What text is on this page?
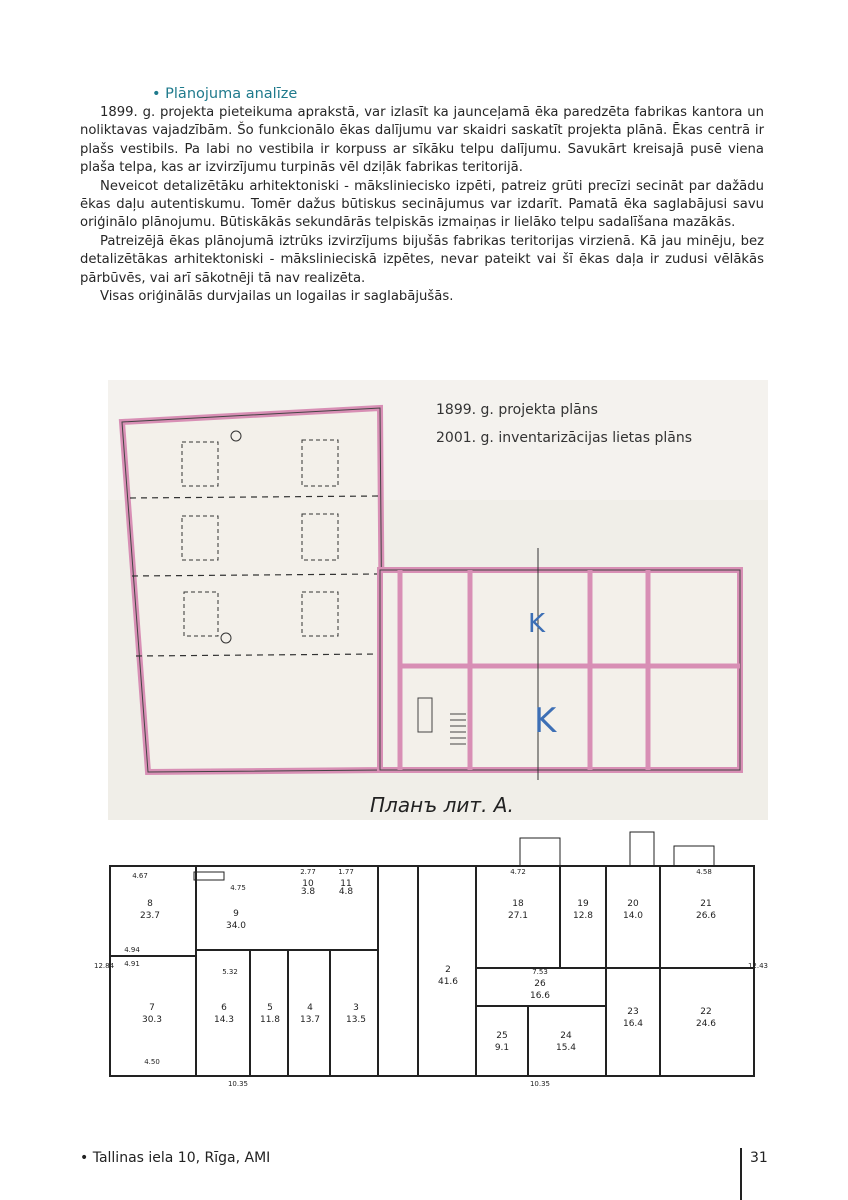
• Plānojuma analīze

1899. g. projekta pieteikuma aprakstā, var izlasīt ka jaunceļamā ēka paredzēta fabrikas kantora un noliktavas vajadzībām. Šo funkcionālo ēkas dalījumu var skaidri saskatīt projekta plānā. Ēkas centrā ir plašs vestibils. Pa labi no vestibila ir korpuss ar sīkāku telpu dalījumu. Savukārt kreisajā pusē viena plaša telpa, kas ar izvirzījumu turpinās vēl dziļāk fabrikas teritorijā.

Neveicot detalizētāku arhitektoniski - mākslinieciskо izpēti, patreiz grūti precīzi secināt par dažādu ēkas daļu autentiskumu. Tomēr dažus būtiskus secinājumus var izdarīt. Pamatā ēka saglabājusi savu oriģinālo plānojumu. Būtiskākās sekundārās telpiskās izmaiņas ir lielāko telpu sadalīšana mazākās.

Patreizējā ēkas plānojumā iztrūks izvirzījums bijušās fabrikas teritorijas virzienā. Kā jau minēju, bez detalizētākas arhitektoniski - mākslinieciskā izpētes, nevar pateikt vai šī ēkas daļa ir zudusi vēlākās pārbūvēs, vai arī sākotnēji tā nav realizēta.

Visas oriģinālās durvjailas un logailas ir saglabājušās.

K
K
Планъ лит. А.
1899. g. projekta plāns
2001. g. inventarizācijas lietas plāns
8
23.7	9
34.0
10
3.8
11
4.8
7
30.3
6
14.3
5
11.8
4
13.7
3
13.5
2
41.6
18
27.1
19
12.8
20
14.0
21
26.6
26
16.6
25
9.1
24
15.4
23
16.4
22
24.6
4.67
4.75
5.32
10.35
4.72
7.53
10.35
4.58
12.84	12.43
2.77	1.77
4.94
4.91
4.50
• Tallinas iela 10, Rīga, AMI	31
